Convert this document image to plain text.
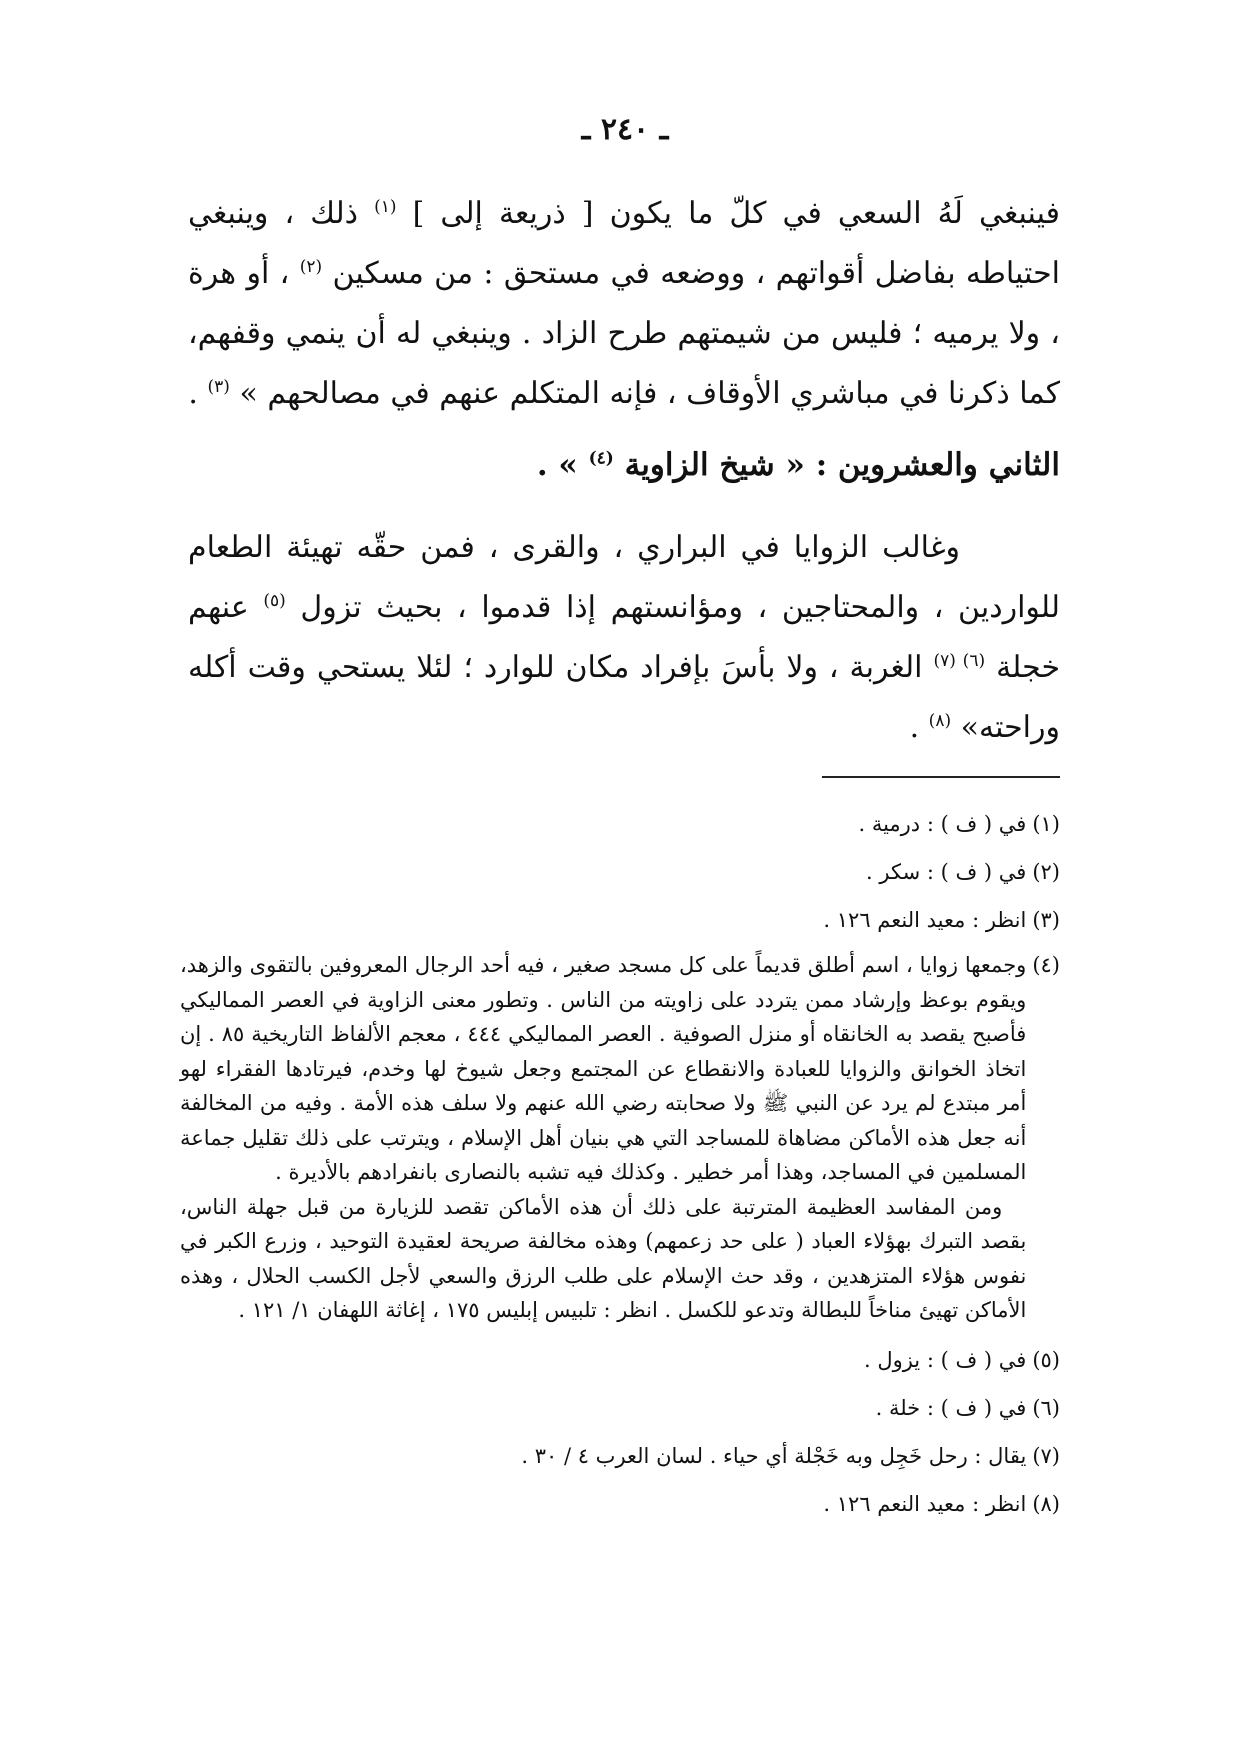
ـ ٢٤٠ ـ

فينبغي لَهُ السعي في كلّ ما يكون [ ذريعة إلى ] $^{(١)}$ ذلك ، وينبغي احتياطه بفاضل أقواتهم ، ووضعه في مستحق : من مسكين $^{(٢)}$ ، أو هرة ، ولا يرميه ؛ فليس من شيمتهم طرح الزاد . وينبغي له أن ينمي وقفهم، كما ذكرنا في مباشري الأوقاف ، فإنه المتكلم عنهم في مصالحهم » $^{(٣)}$ .

الثاني والعشروين : « شيخ الزاوية $^{(٤)}$ » .

وغالب الزوايا في البراري ، والقرى ، فمن حقّه تهيئة الطعام للواردين ، والمحتاجين ، ومؤانستهم إذا قدموا ، بحيث تزول $^{(٥)}$ عنهم خجلة $^{(٦) (٧)}$ الغربة ، ولا بأسَ بإفراد مكان للوارد ؛ لئلا يستحي وقت أكله وراحته» $^{(٨)}$ .

(١)
في ( ف ) : درمية .
(٢)
في ( ف ) : سكر .
(٣)
انظر : معيد النعم ١٢٦ .
(٤)

وجمعها زوايا ، اسم أطلق قديماً على كل مسجد صغير ، فيه أحد الرجال المعروفين بالتقوى والزهد، ويقوم بوعظ وإرشاد ممن يتردد على زاويته من الناس . وتطور معنى الزاوية في العصر المماليكي فأصبح يقصد به الخانقاه أو منزل الصوفية . العصر المماليكي ٤٤٤ ، معجم الألفاظ التاريخية ٨٥ . إن اتخاذ الخوانق والزوايا للعبادة والانقطاع عن المجتمع وجعل شيوخ لها وخدم، فيرتادها الفقراء لهو أمر مبتدع لم يرد عن النبي ﷺ ولا صحابته رضي الله عنهم ولا سلف هذه الأمة . وفيه من المخالفة أنه جعل هذه الأماكن مضاهاة للمساجد التي هي بنيان أهل الإسلام ، ويترتب على ذلك تقليل جماعة المسلمين في المساجد، وهذا أمر خطير . وكذلك فيه تشبه بالنصارى بانفرادهم بالأديرة .

ومن المفاسد العظيمة المترتبة على ذلك أن هذه الأماكن تقصد للزيارة من قبل جهلة الناس، بقصد التبرك بهؤلاء العباد ( على حد زعمهم) وهذه مخالفة صريحة لعقيدة التوحيد ، وزرع الكبر في نفوس هؤلاء المتزهدين ، وقد حث الإسلام على طلب الرزق والسعي لأجل الكسب الحلال ، وهذه الأماكن تهيئ مناخاً للبطالة وتدعو للكسل . انظر : تلبيس إبليس ١٧٥ ، إغاثة اللهفان ١/ ١٢١ .

(٥)
في ( ف ) : يزول .
(٦)
في ( ف ) : خلة .
(٧)
يقال : رحل خَجِل وبه خَجْلة أي حياء . لسان العرب ٤ / ٣٠ .
(٨)
انظر : معيد النعم ١٢٦ .
